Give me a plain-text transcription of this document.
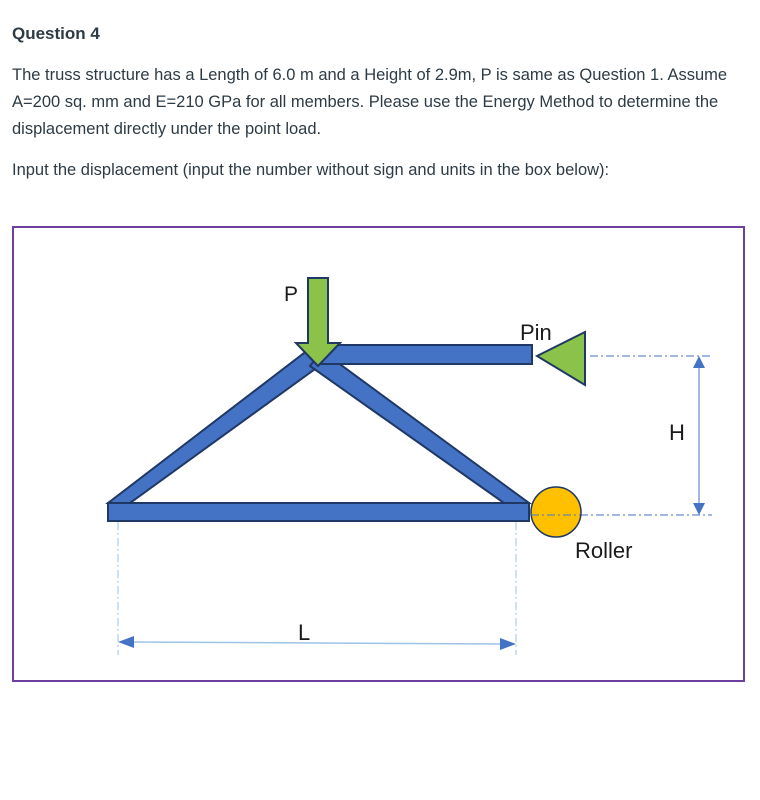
Question 4
The truss structure has a Length of 6.0 m and a Height of 2.9m, P is same as Question 1. Assume A=200 sq. mm and E=210 GPa for all members. Please use the Energy Method to determine the displacement directly under the point load.
Input the displacement (input the number without sign and units in the box below):
P
Pin
H
Roller
L
